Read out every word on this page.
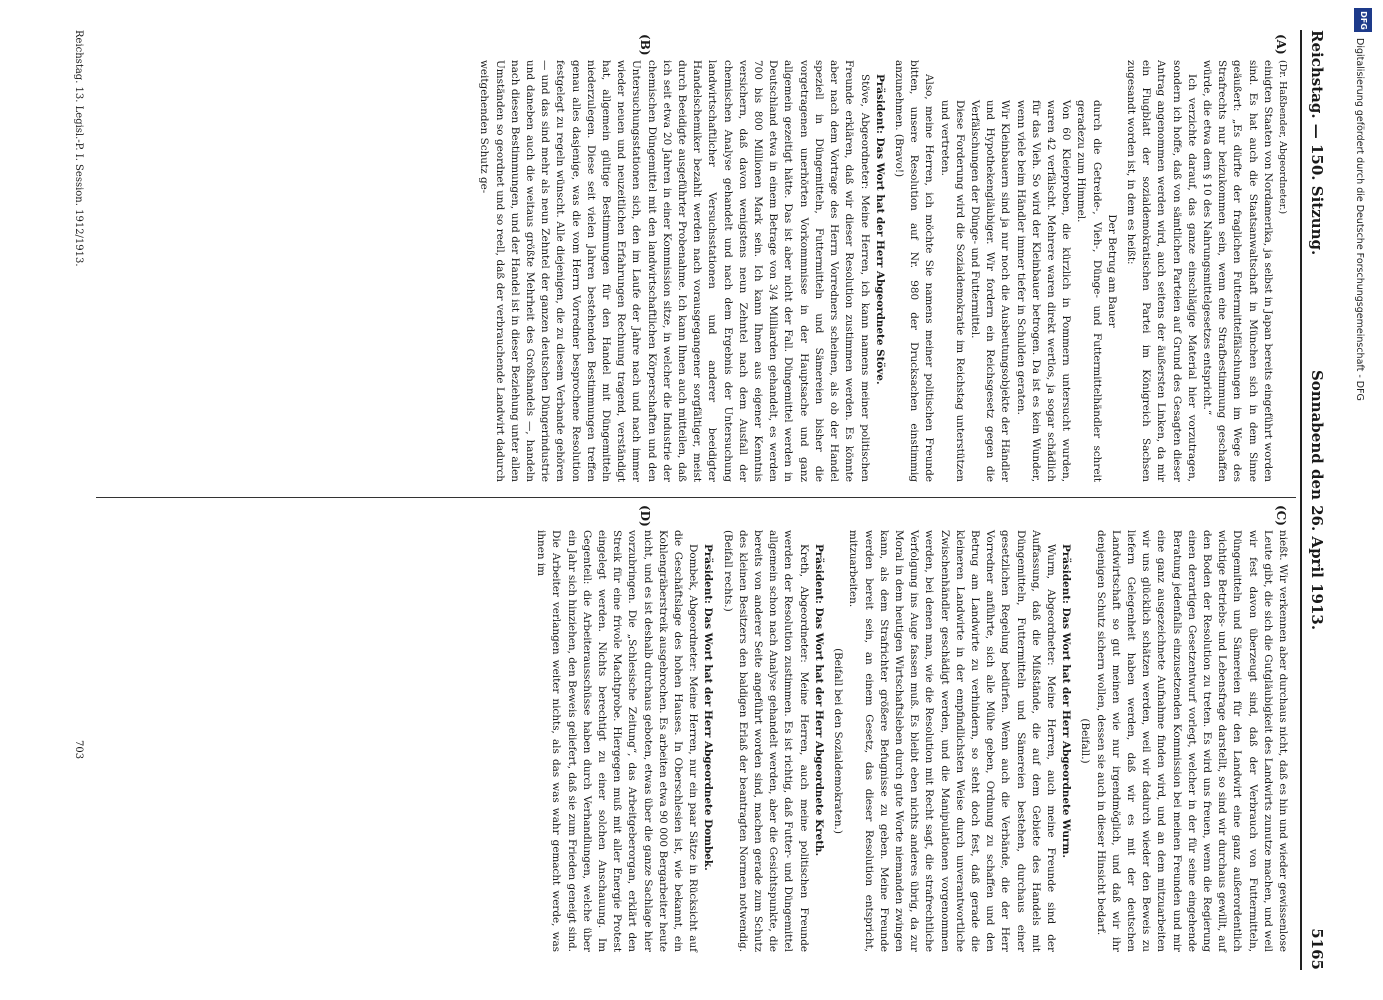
Reichstag. — 150. Sitzung.
Sonnabend den 26. April 1913.
5165

(Dr. Haßbender, Abgeordneter.)

einigten Staaten von Nordamerika, ja selbst in Japan bereits eingeführt worden sind. Es hat auch die Staatsanwaltschaft in München sich in dem Sinne geäußert: „Es dürfte der fraglichen Futtermittelfälschungen im Wege des Strafrechts nur beizukommen sein, wenn eine Strafbestimmung geschaffen würde, die etwa dem § 10 des Nahrungsmittelgesetzes entspricht.“

Ich verzichte darauf, das ganze einschlägige Material hier vorzutragen, sondern ich hoffe, daß von sämtlichen Parteien auf Grund des Gesagten dieser Antrag angenommen werden wird, auch seitens der äußersten Linken, da mir ein Flugblatt der sozialdemokratischen Partei im Königreich Sachsen zugesandt worden ist, in dem es heißt:

Der Betrug am Bauer

durch die Getreide-, Vieh-, Dünge- und Futtermittelhändler schreit geradezu zum Himmel.

Von 60 Kleieproben, die kürzlich in Pommern untersucht wurden, waren 42 verfälscht. Mehrere waren direkt wertlos, ja sogar schädlich für das Vieh. So wird der Kleinbauer betrogen. Da ist es kein Wunder, wenn viele beim Händler immer tiefer in Schulden geraten.

Wir Kleinbauern sind ja nur noch die Ausbeutungsobjekte der Händler und Hypothekengläubiger. Wir fordern ein Reichsgesetz gegen die Verfälschungen der Dünge- und Futtermittel.

Diese Forderung wird die Sozialdemokratie im Reichstag unterstützen und vertreten.

Also, meine Herren, ich möchte Sie namens meiner politischen Freunde bitten, unsere Resolution auf Nr. 980 der Drucksachen einstimmig anzunehmen. (Bravo!)

Präsident: Das Wort hat der Herr Abgeordnete Stöve.

Stöve, Abgeordneter: Meine Herren, ich kann namens meiner politischen Freunde erklären, daß wir dieser Resolution zustimmen werden. Es könnte aber nach dem Vortrage des Herrn Vorredners scheinen, als ob der Handel speziell in Düngemitteln, Futtermitteln und Sämereien bisher die vorgetragenen unerhörten Vorkommnisse in der Hauptsache und ganz allgemein gezeitigt hätte. Das ist aber nicht der Fall. Düngemittel werden in Deutschland etwa in einem Betrage von 3/4 Milliarden gehandelt, es werden 700 bis 800 Millionen Mark sein. Ich kann Ihnen aus eigener Kenntnis versichern, daß davon wenigstens neun Zehntel nach dem Ausfall der chemischen Analyse gehandelt und nach dem Ergebnis der Untersuchung landwirtschaftlicher Versuchsstationen und anderer beeidigter Handelschemiker bezahlt werden nach vorausgegangener sorgfältiger, meist durch Beeidigte ausgeführter Probenahme. Ich kann Ihnen auch mitteilen, daß ich seit etwa 20 Jahren in einer Kommission sitze, in welcher die Industrie der chemischen Düngemittel mit den landwirtschaftlichen Körperschaften und den Untersuchungsstationen sich, den im Laufe der Jahre nach und nach immer wieder neuen und neuzeitlichen Erfahrungen Rechnung tragend, verständigt hat, allgemein gültige Bestimmungen für den Handel mit Düngemitteln niederzulegen. Diese seit vielen Jahren bestehenden Bestimmungen treffen genau alles dasjenige, was die vom Herrn Vorredner besprochene Resolution festgelegt zu regeln wünscht. Alle diejenigen, die zu diesem Verbande gehören — und das sind mehr als neun Zehntel der ganzen deutschen Düngerindustrie und daneben auch die weitaus größte Mehrheit des Großhandels —, handeln nach diesen Bestimmungen, und der Handel ist in dieser Beziehung unter allen Umständen so geordnet und so reell, daß der verbrauchende Landwirt dadurch weitgehenden Schutz ge-

nießt. Wir verkennen aber durchaus nicht, daß es hin und wieder gewissenlose Leute gibt, die sich die Gutgläubigkeit des Landwirts zunutze machen, und weil wir fest davon überzeugt sind, daß der Verbrauch von Futtermitteln, Düngemitteln und Sämereien für den Landwirt eine ganz außerordentlich wichtige Betriebs- und Lebensfrage darstellt, so sind wir durchaus gewillt, auf den Boden der Resolution zu treten. Es wird uns freuen, wenn die Regierung einen derartigen Gesetzentwurf vorlegt, welcher in der für seine eingehende Beratung jedenfalls einzusetzenden Kommission bei meinen Freunden und mir eine ganz ausgezeichnete Aufnahme finden wird, und an dem mitzuarbeiten wir uns glücklich schätzen werden, weil wir dadurch wieder den Beweis zu liefern Gelegenheit haben werden, daß wir es mit der deutschen Landwirtschaft so gut meinen wie nur irgendmöglich, und daß wir ihr denjenigen Schutz sichern wollen, dessen sie auch in dieser Hinsicht bedarf.

(Beifall.)

Präsident: Das Wort hat der Herr Abgeordnete Wurm.

Wurm, Abgeordneter: Meine Herren, auch meine Freunde sind der Auffassung, daß die Mißstände, die auf dem Gebiete des Handels mit Düngemitteln, Futtermitteln und Sämereien bestehen, durchaus einer gesetzlichen Regelung bedürfen. Wenn auch die Verbände, die der Herr Vorredner anführte, sich alle Mühe geben, Ordnung zu schaffen und den Betrug am Landwirte zu verhindern, so steht doch fest, daß gerade die kleineren Landwirte in der empfindlichsten Weise durch unverantwortliche Zwischenhändler geschädigt werden, und die Manipulationen vorgenommen werden, bei denen man, wie die Resolution mit Recht sagt, die strafrechtliche Verfolgung ins Auge fassen muß. Es bleibt eben nichts anderes übrig, da zur Moral in dem heutigen Wirtschaftsleben durch gute Worte niemanden zwingen kann, als dem Strafrichter größere Befugnisse zu geben. Meine Freunde werden bereit sein, an einem Gesetz, das dieser Resolution entspricht, mitzuarbeiten.

(Beifall bei den Sozialdemokraten.)

Präsident: Das Wort hat der Herr Abgeordnete Kreth.

Kreth, Abgeordneter: Meine Herren, auch meine politischen Freunde werden der Resolution zustimmen. Es ist richtig, daß Futter- und Düngemittel allgemein schon nach Analyse gehandelt werden, aber die Gesichtspunkte, die bereits von anderer Seite angeführt worden sind, machen gerade zum Schutz des kleinen Besitzers den baldigen Erlaß der beantragten Normen notwendig. (Beifall rechts.)

Präsident: Das Wort hat der Herr Abgeordnete Dombek.

Dombek, Abgeordneter: Meine Herren, nur ein paar Sätze in Rücksicht auf die Geschäftslage des hohen Hauses. In Oberschlesien ist, wie bekannt, ein Kohlengräberstreik ausgebrochen. Es arbeiten etwa 90 000 Bergarbeiter heute nicht, und es ist deshalb durchaus geboten, etwas über die ganze Sachlage hier vorzubringen. Die „Schlesische Zeitung“, das Arbeitgeberorgan, erklärt den Streik für eine frivole Machtprobe. Hiergegen muß mit aller Energie Protest eingelegt werden. Nichts berechtigt zu einer solchen Anschauung. Im Gegenteil: die Arbeiterausschüsse haben durch Verhandlungen, welche über ein Jahr sich hinziehen, den Beweis geliefert, daß sie zum Frieden geneigt sind. Die Arbeiter verlangen weiter nichts, als das was wahr gemacht werde, was ihnen im

(A)
(B)
(C)
(D)
Reichstag. 13. Legisl.-P. I. Session. 1912/1913.
703
DFG
Digitalisierung gefördert durch die Deutsche Forschungsgemeinschaft - DFG
